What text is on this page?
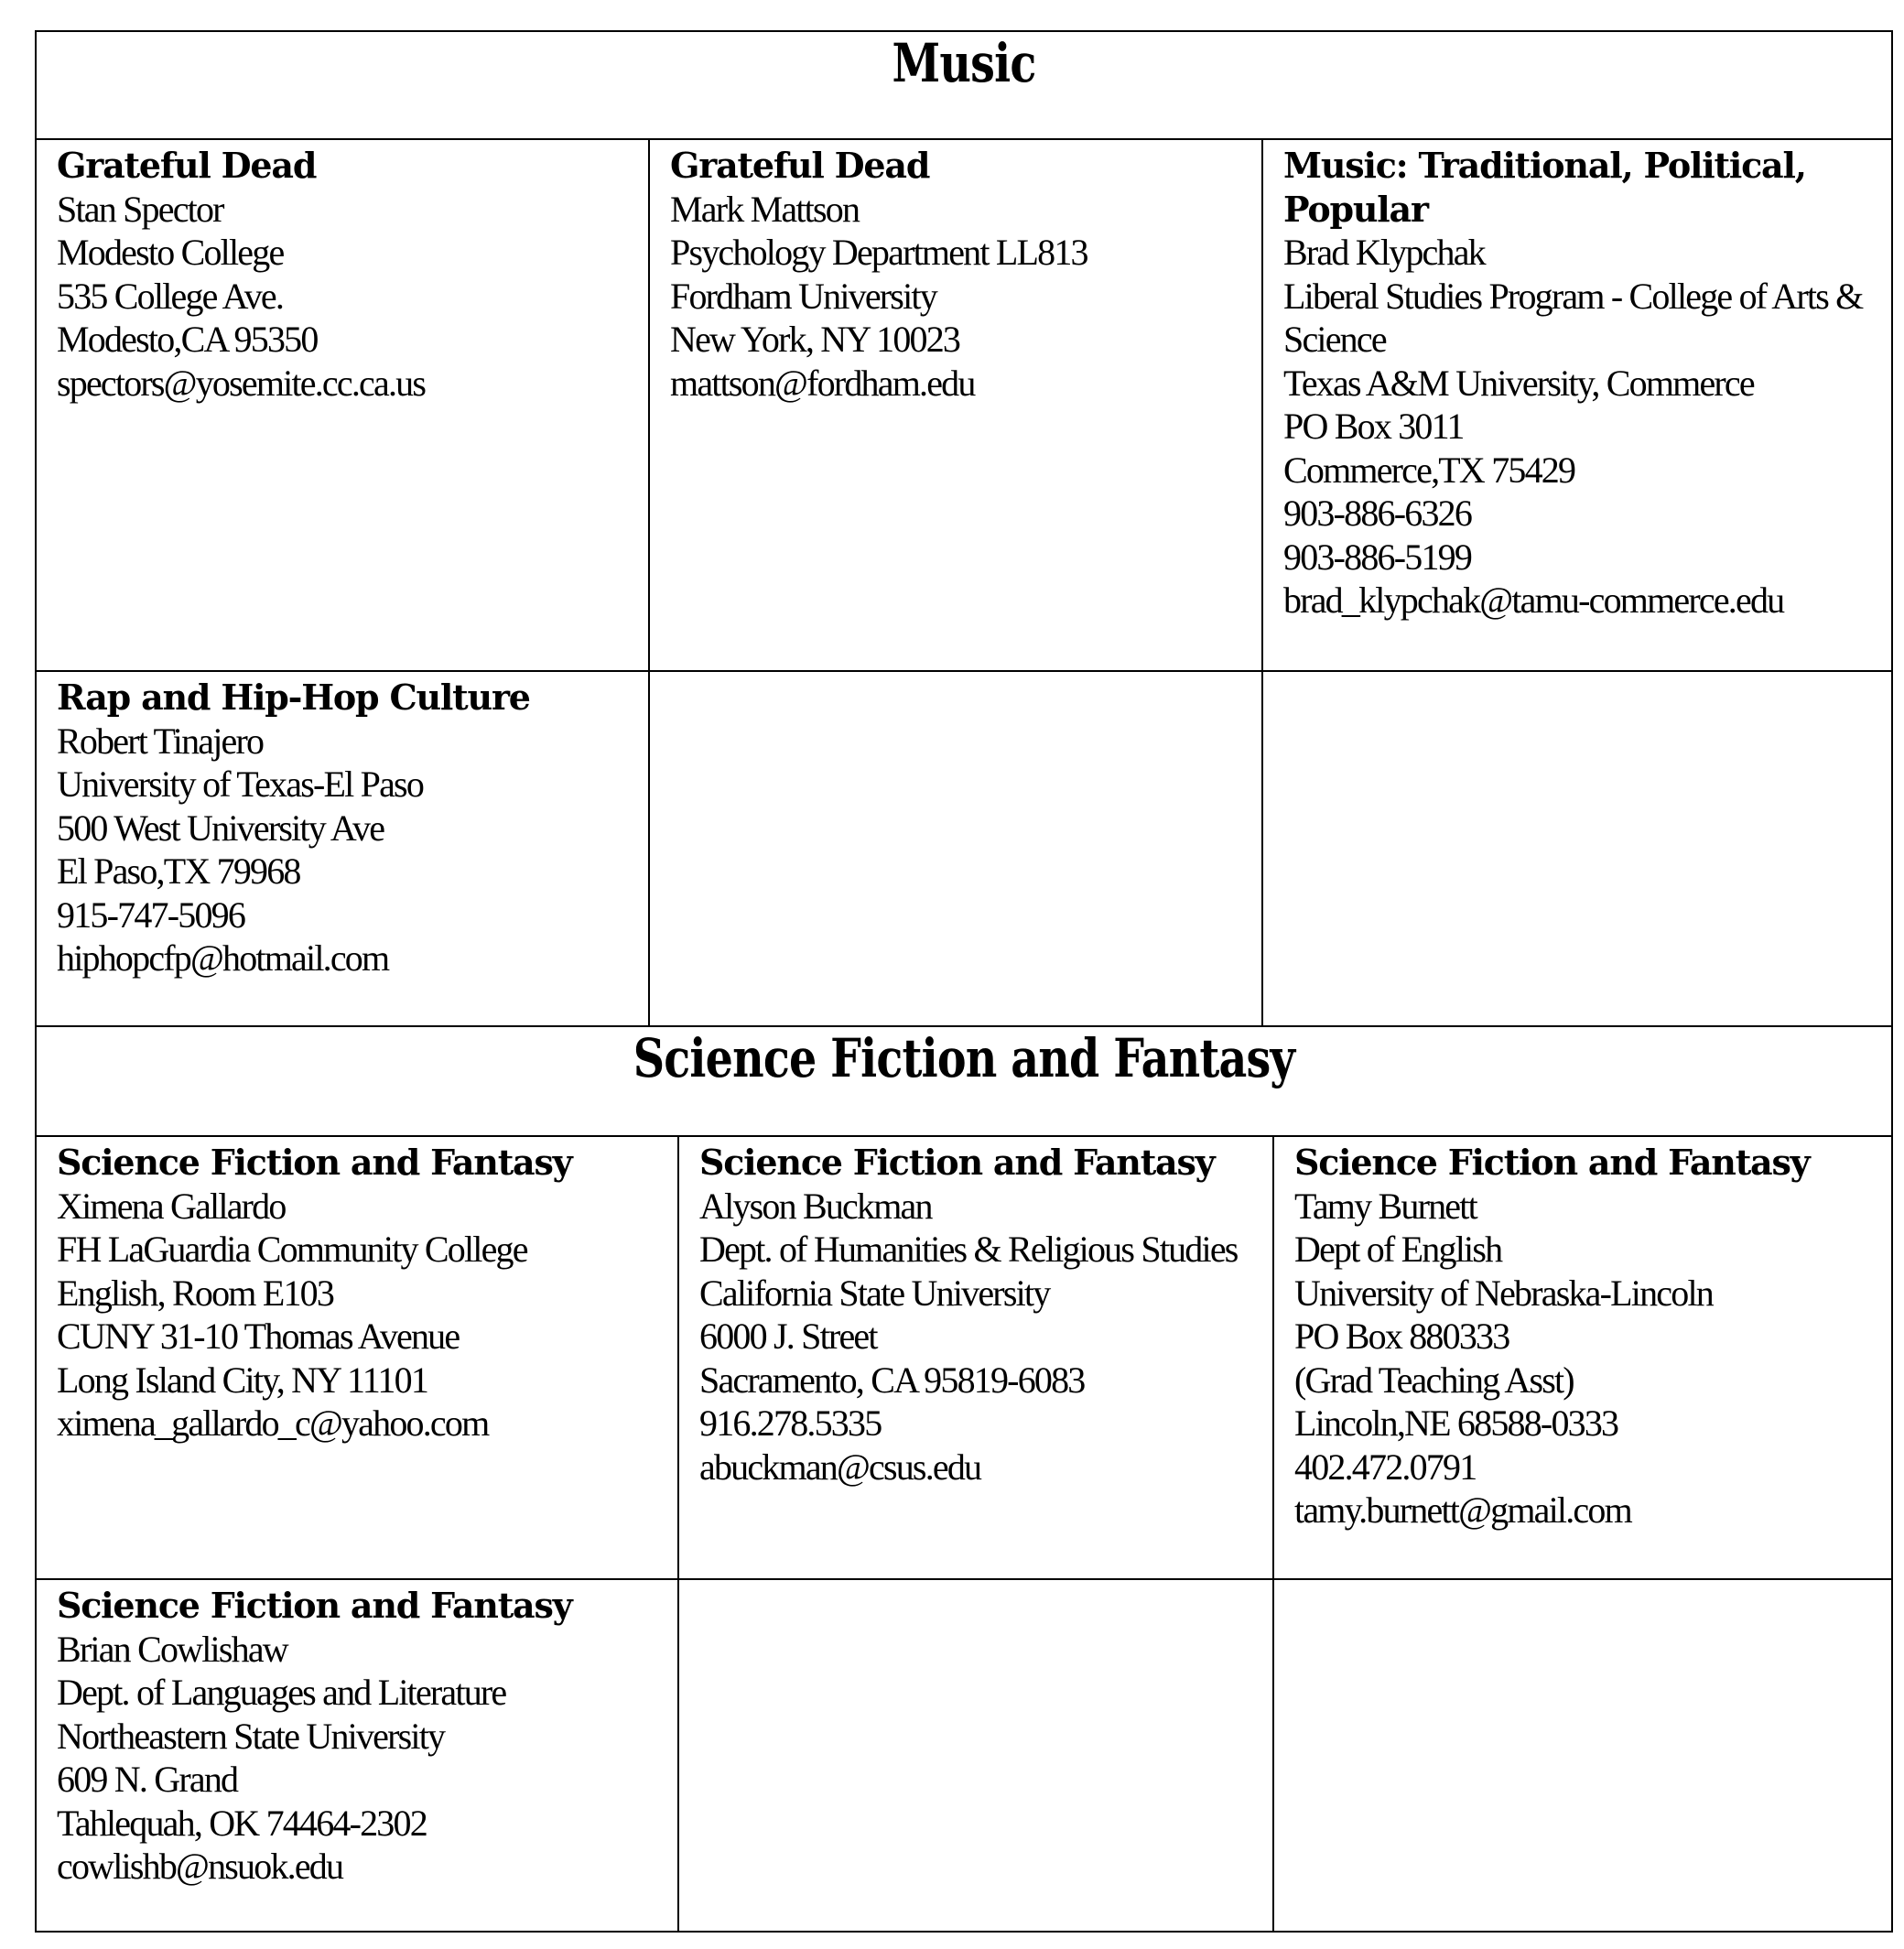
Music
Grateful Dead
Stan Spector
Modesto College
535 College Ave.
Modesto,CA 95350
spectors@yosemite.cc.ca.us
Grateful Dead
Mark Mattson
Psychology Department LL813
Fordham University
New York, NY 10023
mattson@fordham.edu
Music: Traditional, Political, Popular
Brad Klypchak
Liberal Studies Program - College of Arts & Science
Texas A&M University, Commerce
PO Box 3011
Commerce,TX 75429
903-886-6326
903-886-5199
brad_klypchak@tamu-commerce.edu
Rap and Hip-Hop Culture
Robert Tinajero
University of Texas-El Paso
500 West University Ave
El Paso,TX 79968
915-747-5096
hiphopcfp@hotmail.com
Science Fiction and Fantasy
Science Fiction and Fantasy
Ximena Gallardo
FH LaGuardia Community College
English, Room E103
CUNY 31-10 Thomas Avenue
Long Island City, NY 11101
ximena_gallardo_c@yahoo.com
Science Fiction and Fantasy
Alyson Buckman
Dept. of Humanities & Religious Studies
California State University
6000 J. Street
Sacramento, CA 95819-6083
916.278.5335
abuckman@csus.edu
Science Fiction and Fantasy
Tamy Burnett
Dept of English
University of Nebraska-Lincoln
PO Box 880333
(Grad Teaching Asst)
Lincoln,NE 68588-0333
402.472.0791
tamy.burnett@gmail.com
Science Fiction and Fantasy
Brian Cowlishaw
Dept. of Languages and Literature
Northeastern State University
609 N. Grand
Tahlequah, OK 74464-2302
cowlishb@nsuok.edu
